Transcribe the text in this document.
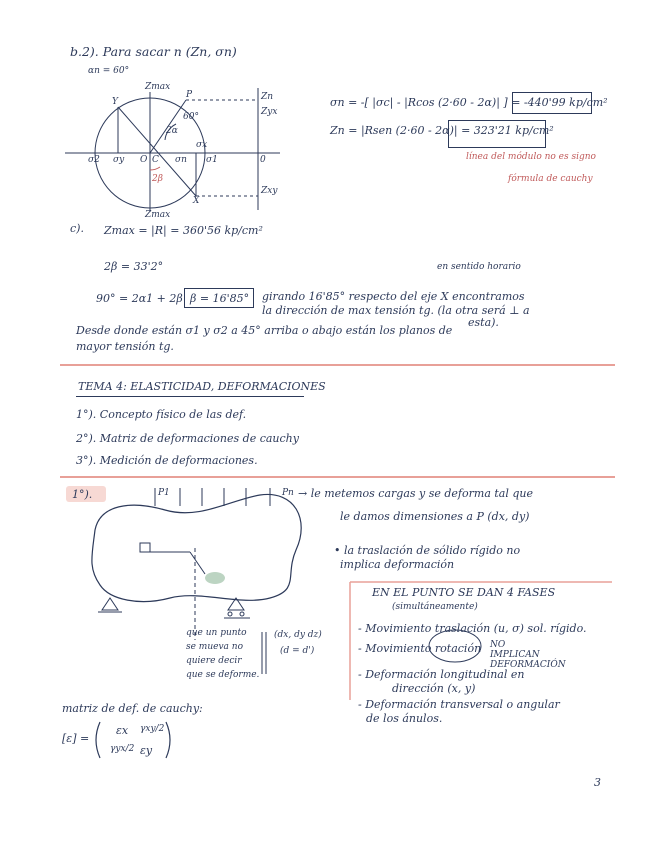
b.2). Para sacar n (Zn, σn)
αn = 60°
Zmax
Zmax
Y
X
P
O C
σ2 σy	σn
σx
σ1	0
Zn
Zyx
Zxy
60°
2α
2β
σn = -[ |σc| - |Rcos (2·60 - 2α)| ] = -440'99 kp/cm²
Zn = |Rsen (2·60 - 2α)| = 323'21 kp/cm²
línea del módulo no es signo
fórmula de cauchy
c). Zmax = |R| = 360'56 kp/cm²
2β = 33'2°	en sentido horario
90° = 2α1 + 2β β = 16'85° girando 16'85° respecto del eje X encontramos
la dirección de max tensión tg. (la otra será ⊥ a
esta).
Desde donde están σ1 y σ2 a 45° arriba o abajo están los planos de
mayor tensión tg.
TEMA 4: ELASTICIDAD, DEFORMACIONES
1°). Concepto físico de las def.
2°). Matriz de deformaciones de cauchy
3°). Medición de deformaciones.
1°).	P1	Pn → le metemos cargas y se deforma tal que
le damos dimensiones a P (dx, dy)
• la traslación de sólido rígido no
implica deformación
que un punto
se mueva no
quiere decir
que se deforme.
(dx, dy dz)
(d = d')
EN EL PUNTO SE DAN 4 FASES
(simultáneamente)
- Movimiento traslación (u, σ) sol. rígido.
- Movimiento rotación NO IMPLICAN DEFORMACIÓN
- Deformación longitudinal en
dirección (x, y)
- Deformación transversal o angular
de los ánulos.
matriz de def. de cauchy:
[ε] =
εx γxy/2
γyx/2 εy
3
